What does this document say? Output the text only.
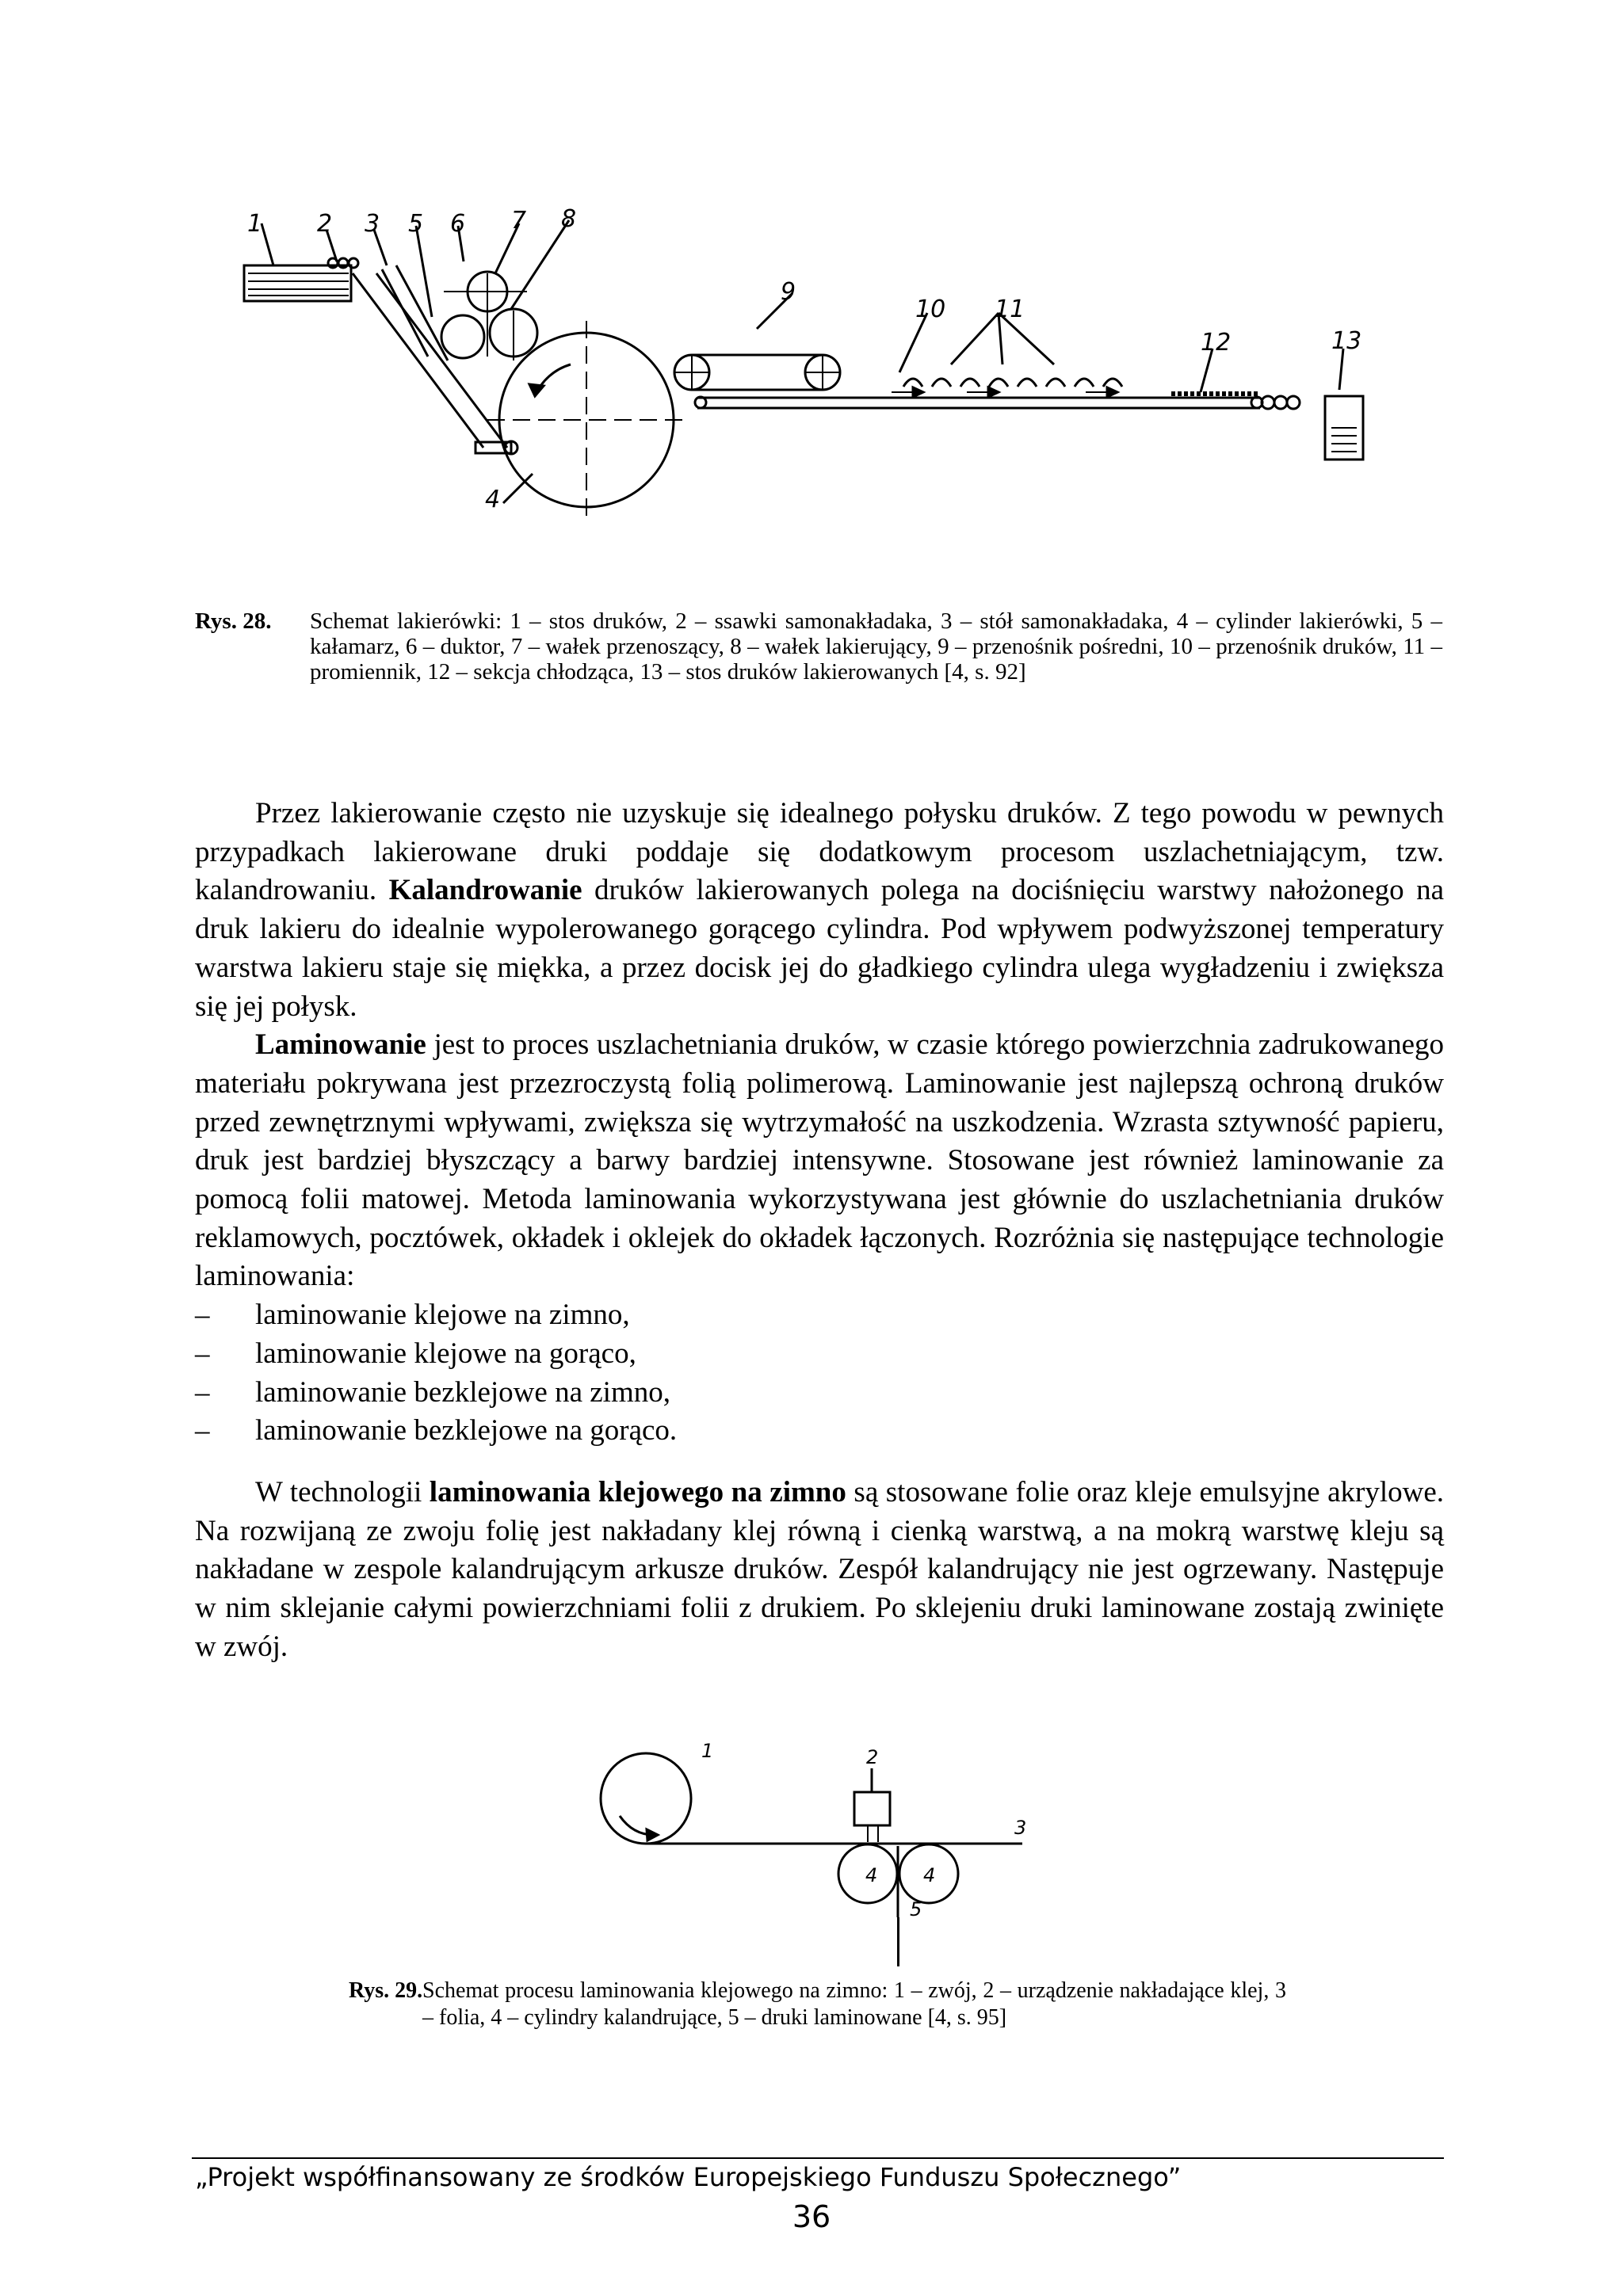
1 2 3 5 6 7 8
9
10 11
12	13
4
Rys. 28. Schemat lakierówki: 1 – stos druków, 2 – ssawki samonakładaka, 3 – stół samonakładaka, 4 – cylinder lakierówki, 5 – kałamarz, 6 – duktor, 7 – wałek przenoszący, 8 – wałek lakierujący, 9 – przenośnik pośredni, 10 – przenośnik druków, 11 – promiennik, 12 – sekcja chłodząca, 13 – stos druków lakierowanych [4, s. 92]

Przez lakierowanie często nie uzyskuje się idealnego połysku druków. Z tego powodu w pewnych przypadkach lakierowane druki poddaje się dodatkowym procesom uszlachetniającym, tzw. kalandrowaniu. Kalandrowanie druków lakierowanych polega na dociśnięciu warstwy nałożonego na druk lakieru do idealnie wypolerowanego gorącego cylindra. Pod wpływem podwyższonej temperatury warstwa lakieru staje się miękka, a przez docisk jej do gładkiego cylindra ulega wygładzeniu i zwiększa się jej połysk.

Laminowanie jest to proces uszlachetniania druków, w czasie którego powierzchnia zadrukowanego materiału pokrywana jest przezroczystą folią polimerową. Laminowanie jest najlepszą ochroną druków przed zewnętrznymi wpływami, zwiększa się wytrzymałość na uszkodzenia. Wzrasta sztywność papieru, druk jest bardziej błyszczący a barwy bardziej intensywne. Stosowane jest również laminowanie za pomocą folii matowej. Metoda laminowania wykorzystywana jest głównie do uszlachetniania druków reklamowych, pocztówek, okładek i oklejek do okładek łączonych. Rozróżnia się następujące technologie laminowania:

–	laminowanie klejowe na zimno,
–	laminowanie klejowe na gorąco,
–	laminowanie bezklejowe na zimno,
–	laminowanie bezklejowe na gorąco.

W technologii laminowania klejowego na zimno są stosowane folie oraz kleje emulsyjne akrylowe. Na rozwijaną ze zwoju folię jest nakładany klej równą i cienką warstwą, a na mokrą warstwę kleju są nakładane w zespole kalandrującym arkusze druków. Zespół kalandrujący nie jest ogrzewany. Następuje w nim sklejanie całymi powierzchniami folii z drukiem. Po sklejeniu druki laminowane zostają zwinięte w zwój.

1	2
3
4 4
5
Rys. 29. Schemat procesu laminowania klejowego na zimno: 1 – zwój, 2 – urządzenie nakładające klej, 3 – folia, 4 – cylindry kalandrujące, 5 – druki laminowane [4, s. 95]
„Projekt współfinansowany ze środków Europejskiego Funduszu Społecznego”
36
